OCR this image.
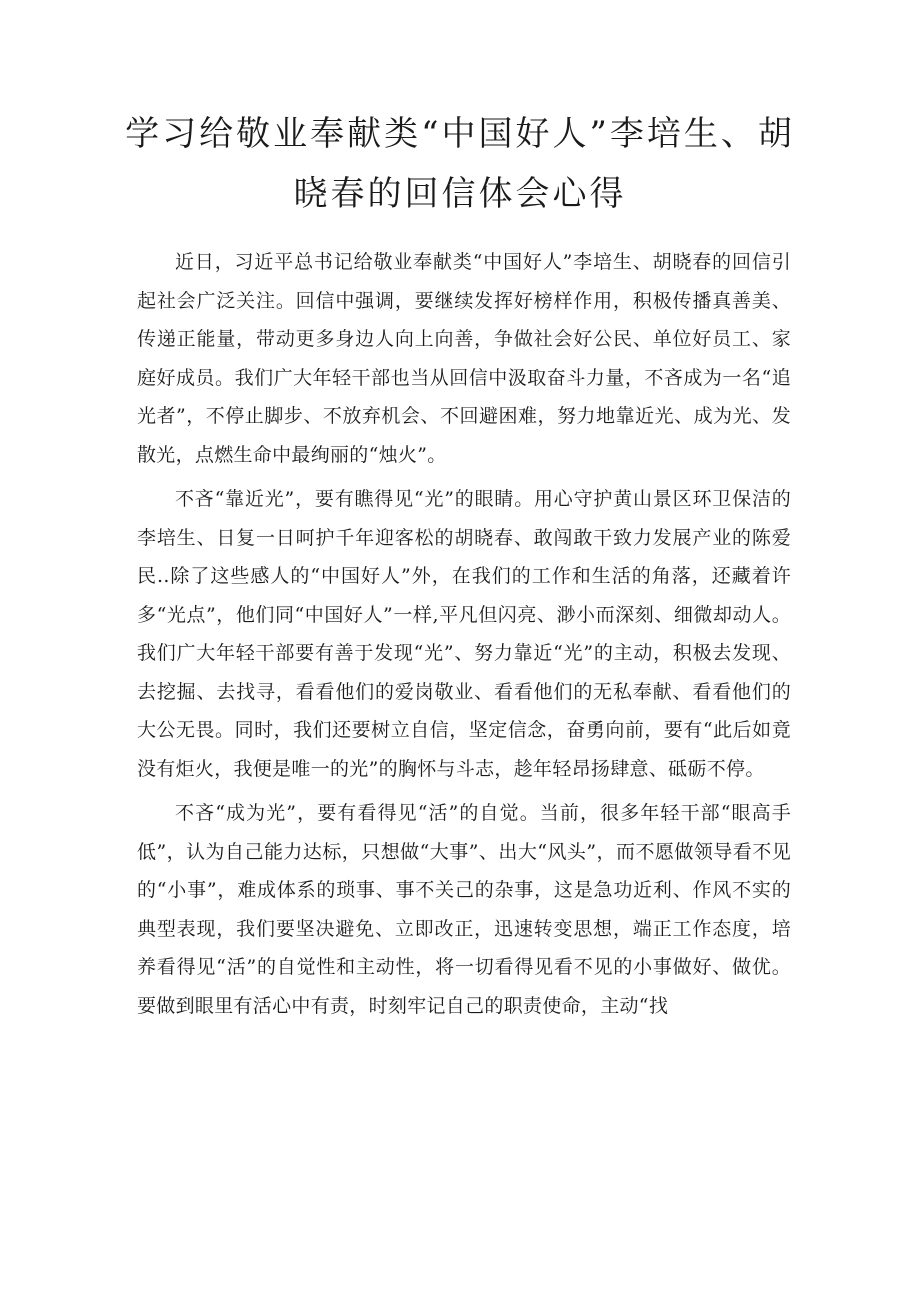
学习给敬业奉献类“中国好人”李培生、胡晓春的回信体会心得

近日，习近平总书记给敬业奉献类“中国好人”李培生、胡晓春的回信引起社会广泛关注。回信中强调，要继续发挥好榜样作用，积极传播真善美、传递正能量，带动更多身边人向上向善，争做社会好公民、单位好员工、家庭好成员。我们广大年轻干部也当从回信中汲取奋斗力量，不吝成为一名“追光者”，不停止脚步、不放弃机会、不回避困难，努力地靠近光、成为光、发散光，点燃生命中最绚丽的“烛火”。

不吝“靠近光”，要有瞧得见“光”的眼睛。用心守护黄山景区环卫保洁的李培生、日复一日呵护千年迎客松的胡晓春、敢闯敢干致力发展产业的陈爱民..除了这些感人的“中国好人”外，在我们的工作和生活的角落，还藏着许多“光点”，他们同“中国好人”一样,平凡但闪亮、渺小而深刻、细微却动人。我们广大年轻干部要有善于发现“光”、努力靠近“光”的主动，积极去发现、去挖掘、去找寻，看看他们的爱岗敬业、看看他们的无私奉献、看看他们的大公无畏。同时，我们还要树立自信，坚定信念，奋勇向前，要有“此后如竟没有炬火，我便是唯一的光”的胸怀与斗志，趁年轻昂扬肆意、砥砺不停。

不吝“成为光”，要有看得见“活”的自觉。当前，很多年轻干部“眼高手低”，认为自己能力达标，只想做“大事”、出大“风头”，而不愿做领导看不见的“小事”，难成体系的琐事、事不关己的杂事，这是急功近利、作风不实的典型表现，我们要坚决避免、立即改正，迅速转变思想，端正工作态度，培养看得见“活”的自觉性和主动性，将一切看得见看不见的小事做好、做优。要做到眼里有活心中有责，时刻牢记自己的职责使命，主动“找
